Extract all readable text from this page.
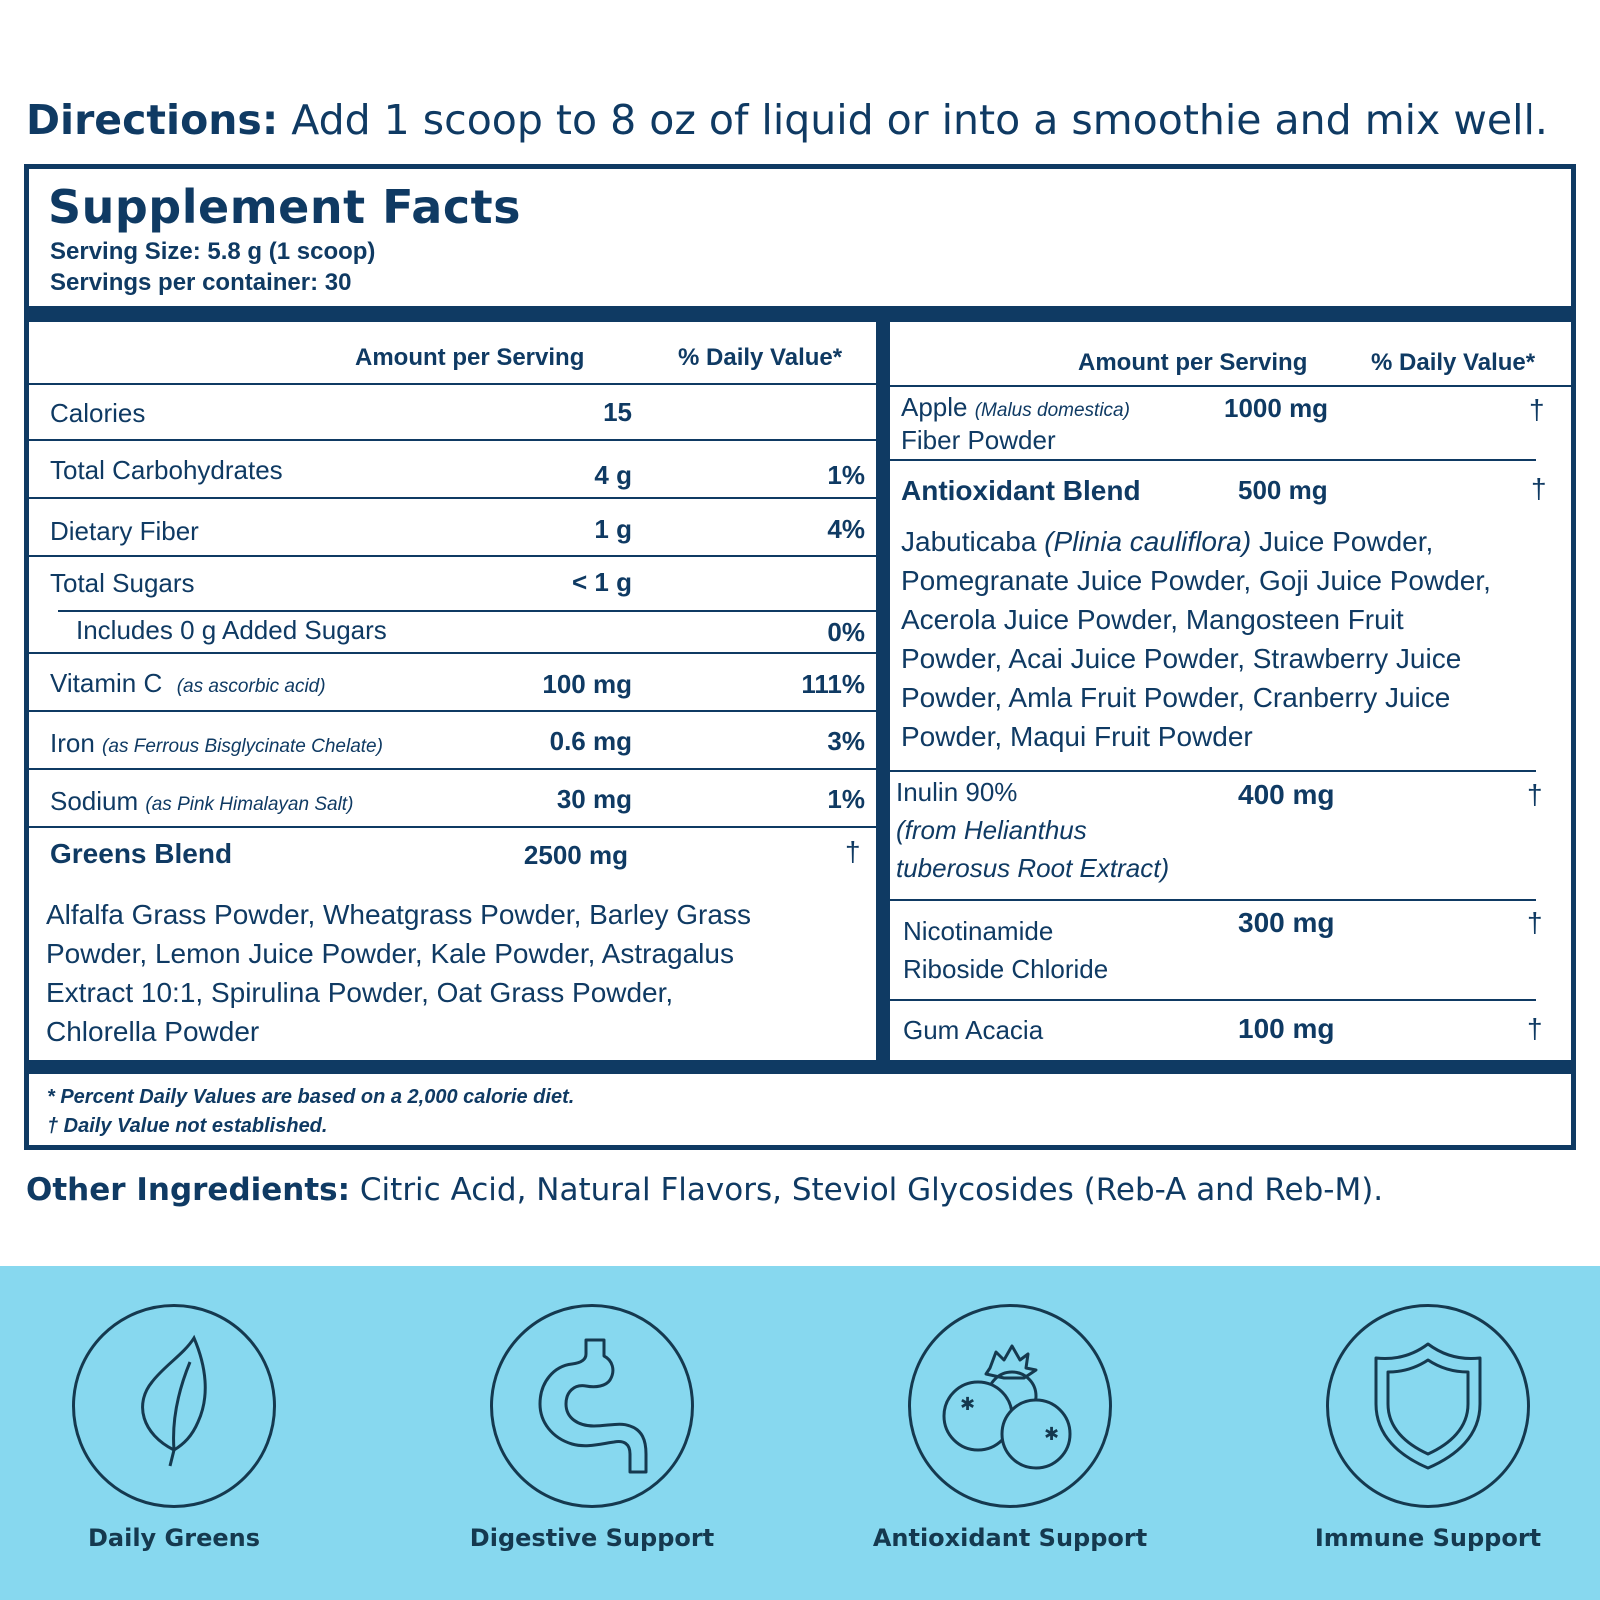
Directions: Add 1 scoop to 8 oz of liquid or into a smoothie and mix well.
Supplement Facts
Serving Size: 5.8 g (1 scoop)
Servings per container: 30
Amount per Serving	% Daily Value*
Calories	15
Total Carbohydrates	4 g	1%
Dietary Fiber	1 g	4%
Total Sugars	< 1 g
Includes 0 g Added Sugars	0%
Vitamin C (as ascorbic acid)	100 mg	111%
Iron (as Ferrous Bisglycinate Chelate)	0.6 mg	3%
Sodium (as Pink Himalayan Salt)	30 mg	1%
Greens Blend	2500 mg	†
Alfalfa Grass Powder, Wheatgrass Powder, Barley Grass
Powder, Lemon Juice Powder, Kale Powder, Astragalus
Extract 10:1, Spirulina Powder, Oat Grass Powder,
Chlorella Powder
Amount per Serving	% Daily Value*
Apple (Malus domestica)
Fiber Powder
1000 mg	†
Antioxidant Blend	500 mg	†
Jabuticaba (Plinia cauliflora) Juice Powder,
Pomegranate Juice Powder, Goji Juice Powder,
Acerola Juice Powder, Mangosteen Fruit
Powder, Acai Juice Powder, Strawberry Juice
Powder, Amla Fruit Powder, Cranberry Juice
Powder, Maqui Fruit Powder
Inulin 90%
(from Helianthus
tuberosus Root Extract)
400 mg	†
Nicotinamide
Riboside Chloride
300 mg	†
Gum Acacia	100 mg	†
* Percent Daily Values are based on a 2,000 calorie diet.
† Daily Value not established.
Other Ingredients: Citric Acid, Natural Flavors, Steviol Glycosides (Reb-A and Reb-M).
Daily Greens	Digestive Support
✱
✱
Antioxidant Support	Immune Support
